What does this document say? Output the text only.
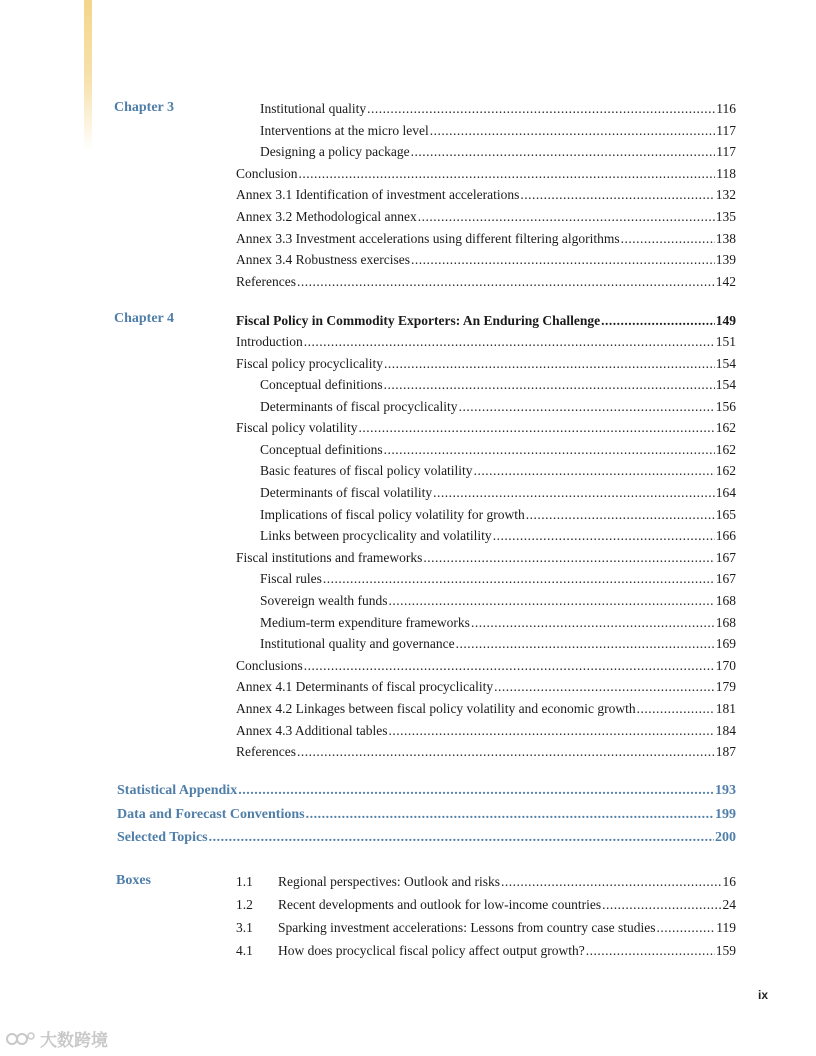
Chapter 3	Institutional quality .....	116
Interventions at the micro level .....	117
Designing a policy package .....	117
Conclusion .....	118
Annex 3.1 Identification of investment accelerations .....	132
Annex 3.2 Methodological annex .....	135
Annex 3.3 Investment accelerations using different filtering algorithms .....	138
Annex 3.4 Robustness exercises .....	139
References .....	142
Chapter 4	Fiscal Policy in Commodity Exporters: An Enduring Challenge .....	149
Introduction .....	151
Fiscal policy procyclicality .....	154
Conceptual definitions .....	154
Determinants of fiscal procyclicality .....	156
Fiscal policy volatility .....	162
Conceptual definitions .....	162
Basic features of fiscal policy volatility .....	162
Determinants of fiscal volatility .....	164
Implications of fiscal policy volatility for growth .....	165
Links between procyclicality and volatility .....	166
Fiscal institutions and frameworks .....	167
Fiscal rules .....	167
Sovereign wealth funds .....	168
Medium-term expenditure frameworks .....	168
Institutional quality and governance .....	169
Conclusions .....	170
Annex 4.1 Determinants of fiscal procyclicality .....	179
Annex 4.2 Linkages between fiscal policy volatility and economic growth .....	181
Annex 4.3 Additional tables .....	184
References .....	187
Statistical Appendix .....	193
Data and Forecast Conventions .....	199
Selected Topics .....	200
Boxes	1.1	Regional perspectives: Outlook and risks .....	16
1.2	Recent developments and outlook for low-income countries .....	24
3.1	Sparking investment accelerations: Lessons from country case studies .....	119
4.1	How does procyclical fiscal policy affect output growth? .....	159
ix
大数跨境
